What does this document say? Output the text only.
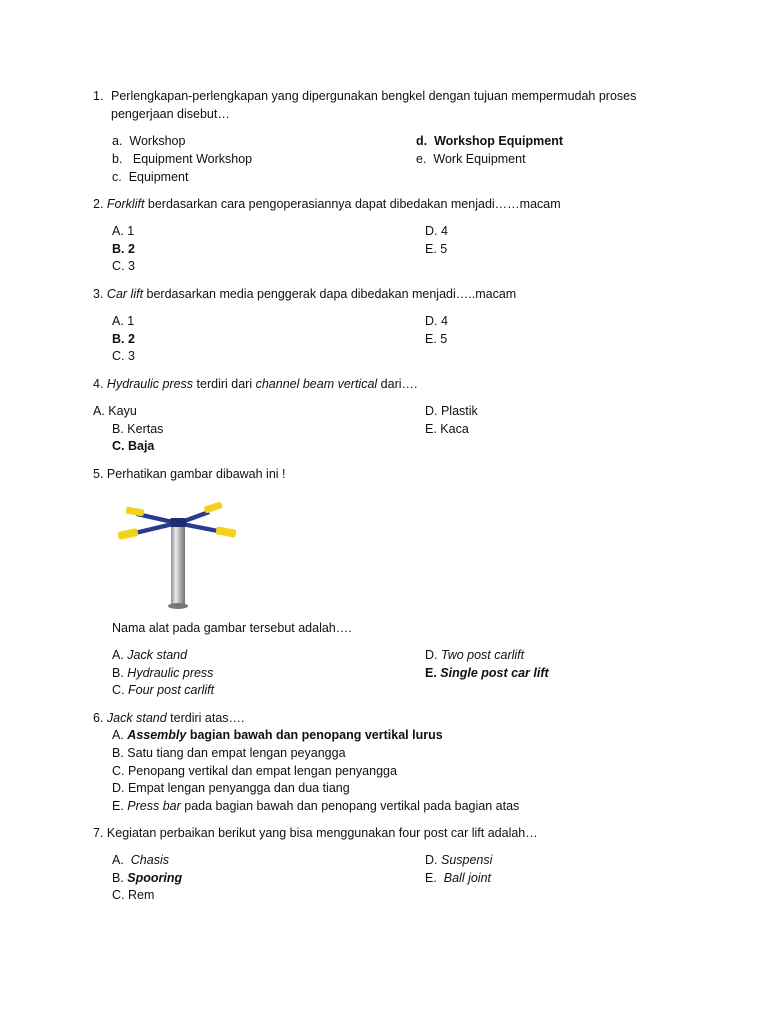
1. Perlengkapan-perlengkapan yang dipergunakan bengkel dengan tujuan mempermudah proses
pengerjaan disebut…
a. Workshop
b. Equipment Workshop
c. Equipment
d. Workshop Equipment
e. Work Equipment
2. Forklift berdasarkan cara pengoperasiannya dapat dibedakan menjadi……macam
A. 1
B. 2
C. 3
D. 4
E. 5
3. Car lift berdasarkan media penggerak dapa dibedakan menjadi…..macam
A. 1
B. 2
C. 3
D. 4
E. 5
4. Hydraulic press terdiri dari channel beam vertical dari….
A. Kayu
B. Kertas
C. Baja
D. Plastik
E. Kaca
5. Perhatikan gambar dibawah ini !
Nama alat pada gambar tersebut adalah….
A. Jack stand
B. Hydraulic press
C. Four post carlift
D. Two post carlift
E. Single post car lift
6. Jack stand terdiri atas….
A. Assembly bagian bawah dan penopang vertikal lurus
B. Satu tiang dan empat lengan peyangga
C. Penopang vertikal dan empat lengan penyangga
D. Empat lengan penyangga dan dua tiang
E. Press bar pada bagian bawah dan penopang vertikal pada bagian atas
7. Kegiatan perbaikan berikut yang bisa menggunakan four post car lift adalah…
A. Chasis
B. Spooring
C. Rem
D. Suspensi
E. Ball joint
